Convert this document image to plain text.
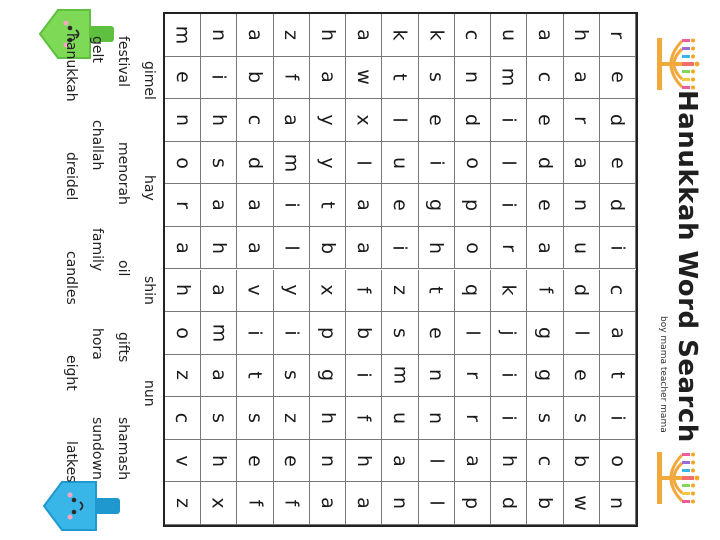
Hanukkah Word Search
boy mama teacher mama
r
e
d
e
d
i
c
a
t
i
o
n
h
a
r
a
n
u
d
l
e
s
b
w
a
c
e
d
e
a
f
g
g
s
c
b
u
m
i
l
i
r
k
j
i
i
h
d
c
n
d
o
p
o
q
l
r
r
a
p
k
s
e
i
g
h
t
e
n
n
l
l
k
t
l
u
e
i
z
s
m
u
a
n
a
w
x
l
a
a
f
b
i
f
h
a
h
a
y
y
t
b
x
p
g
h
n
a
z
f
a
m
i
l
y
i
s
z
e
f
a
b
c
d
a
a
v
i
t
s
e
f
n
i
h
s
a
h
a
m
a
s
h
x
m
e
n
o
r
a
h
o
z
c
v
z
gimel
hay
shin
nun
festival
menorah
oil
gifts
shamash
gelt
challah
family
hora
sundown
hanukkah
dreidel
candles
eight
latkes
